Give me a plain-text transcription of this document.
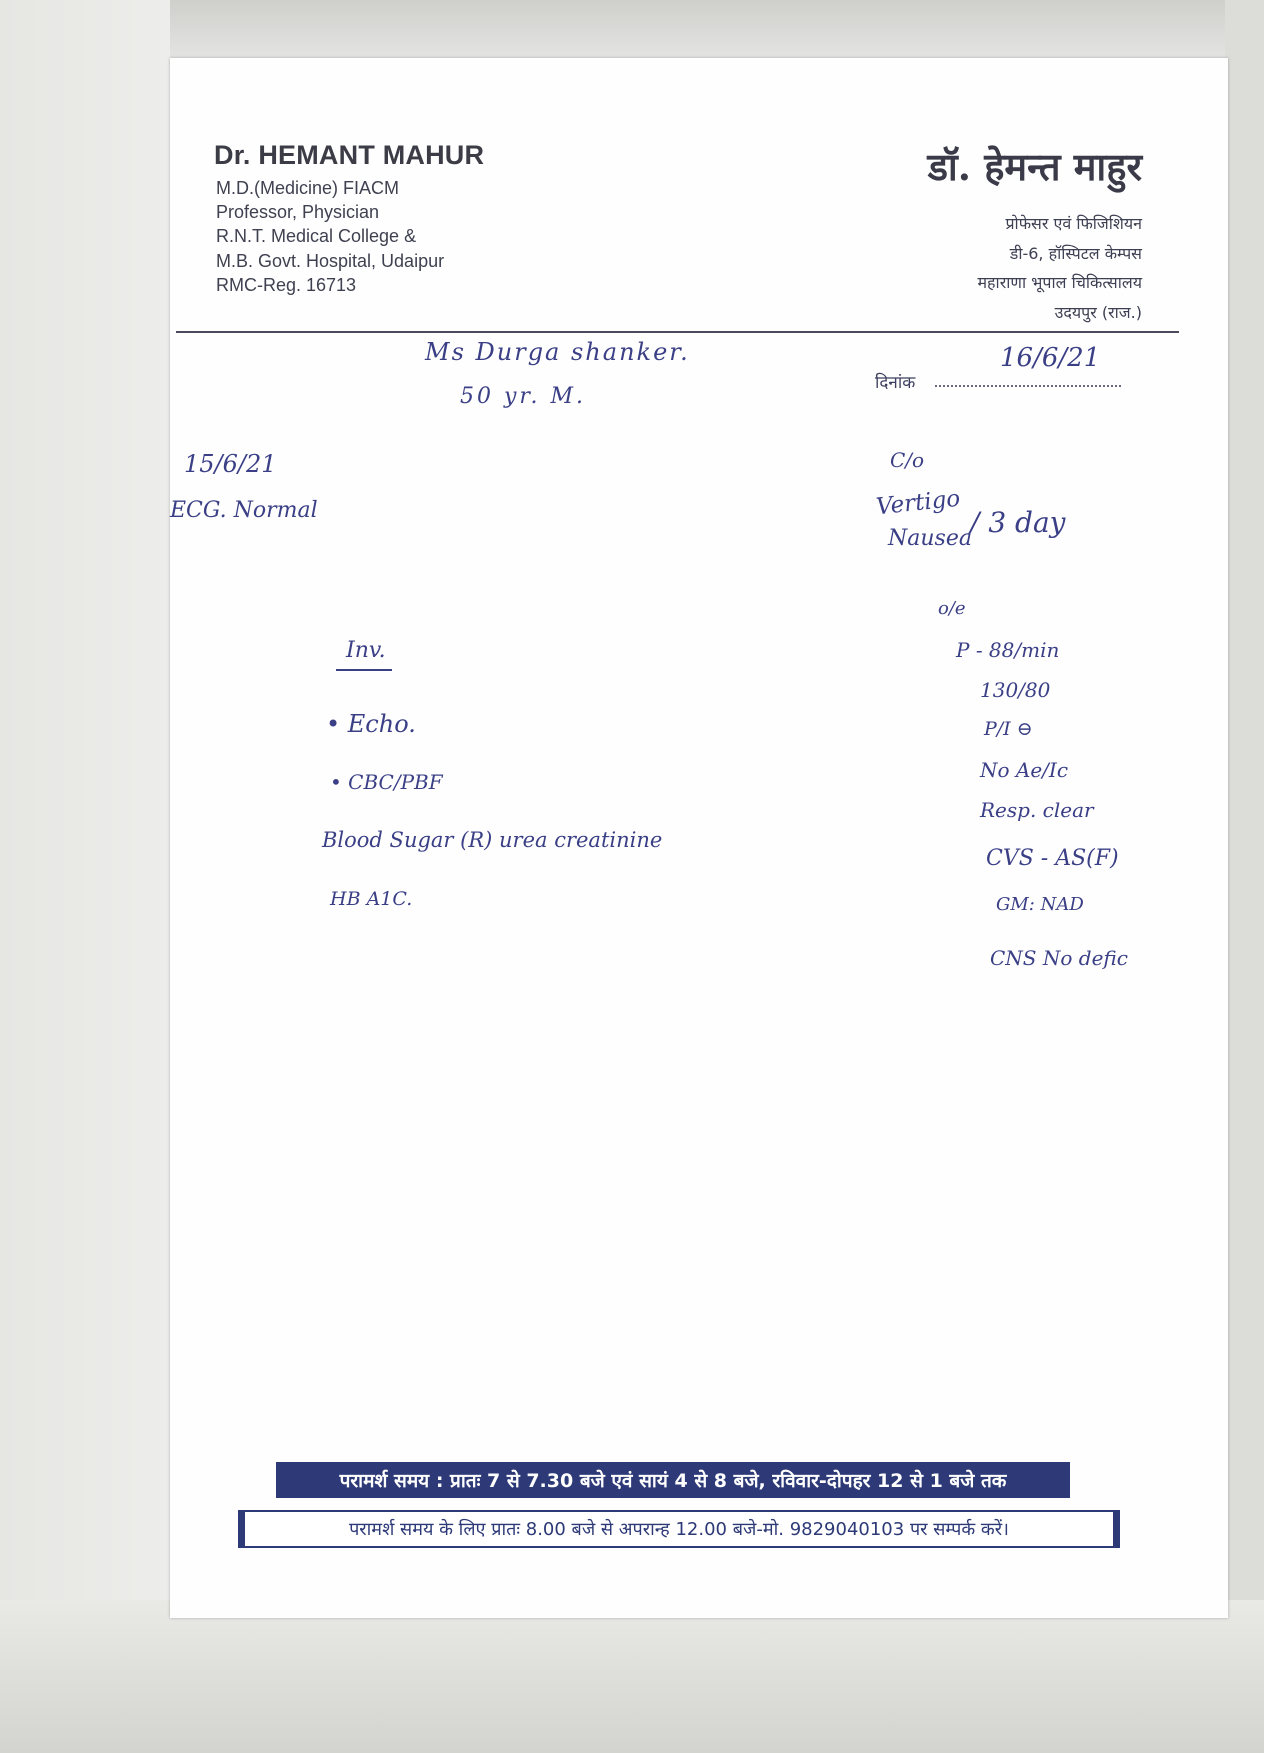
Dr. HEMANT MAHUR
M.D.(Medicine) FIACM
Professor, Physician
R.N.T. Medical College &
M.B. Govt. Hospital, Udaipur
RMC-Reg. 16713
डॉ. हेमन्त माहुर
प्रोफेसर एवं फिजिशियन
डी-6, हॉस्पिटल केम्पस
महाराणा भूपाल चिकित्सालय
उदयपुर (राज.)
दिनांक
16/6/21
Ms Durga shanker.
50 yr. M.
15/6/21
ECG. Normal
C/o
Vertigo
Nausea
/ 3 day
o/e
P - 88/min
130/80
P/I ⊖
No Ae/Ic
Resp. clear
CVS - AS(F)
GM: NAD
CNS No defic
Inv.
• Echo.
• CBC/PBF
Blood Sugar (R) urea creatinine
HB A1C.
परामर्श समय : प्रातः 7 से 7.30 बजे एवं सायं 4 से 8 बजे, रविवार-दोपहर 12 से 1 बजे तक
परामर्श समय के लिए प्रातः 8.00 बजे से अपरान्ह 12.00 बजे-मो. 9829040103 पर सम्पर्क करें।
